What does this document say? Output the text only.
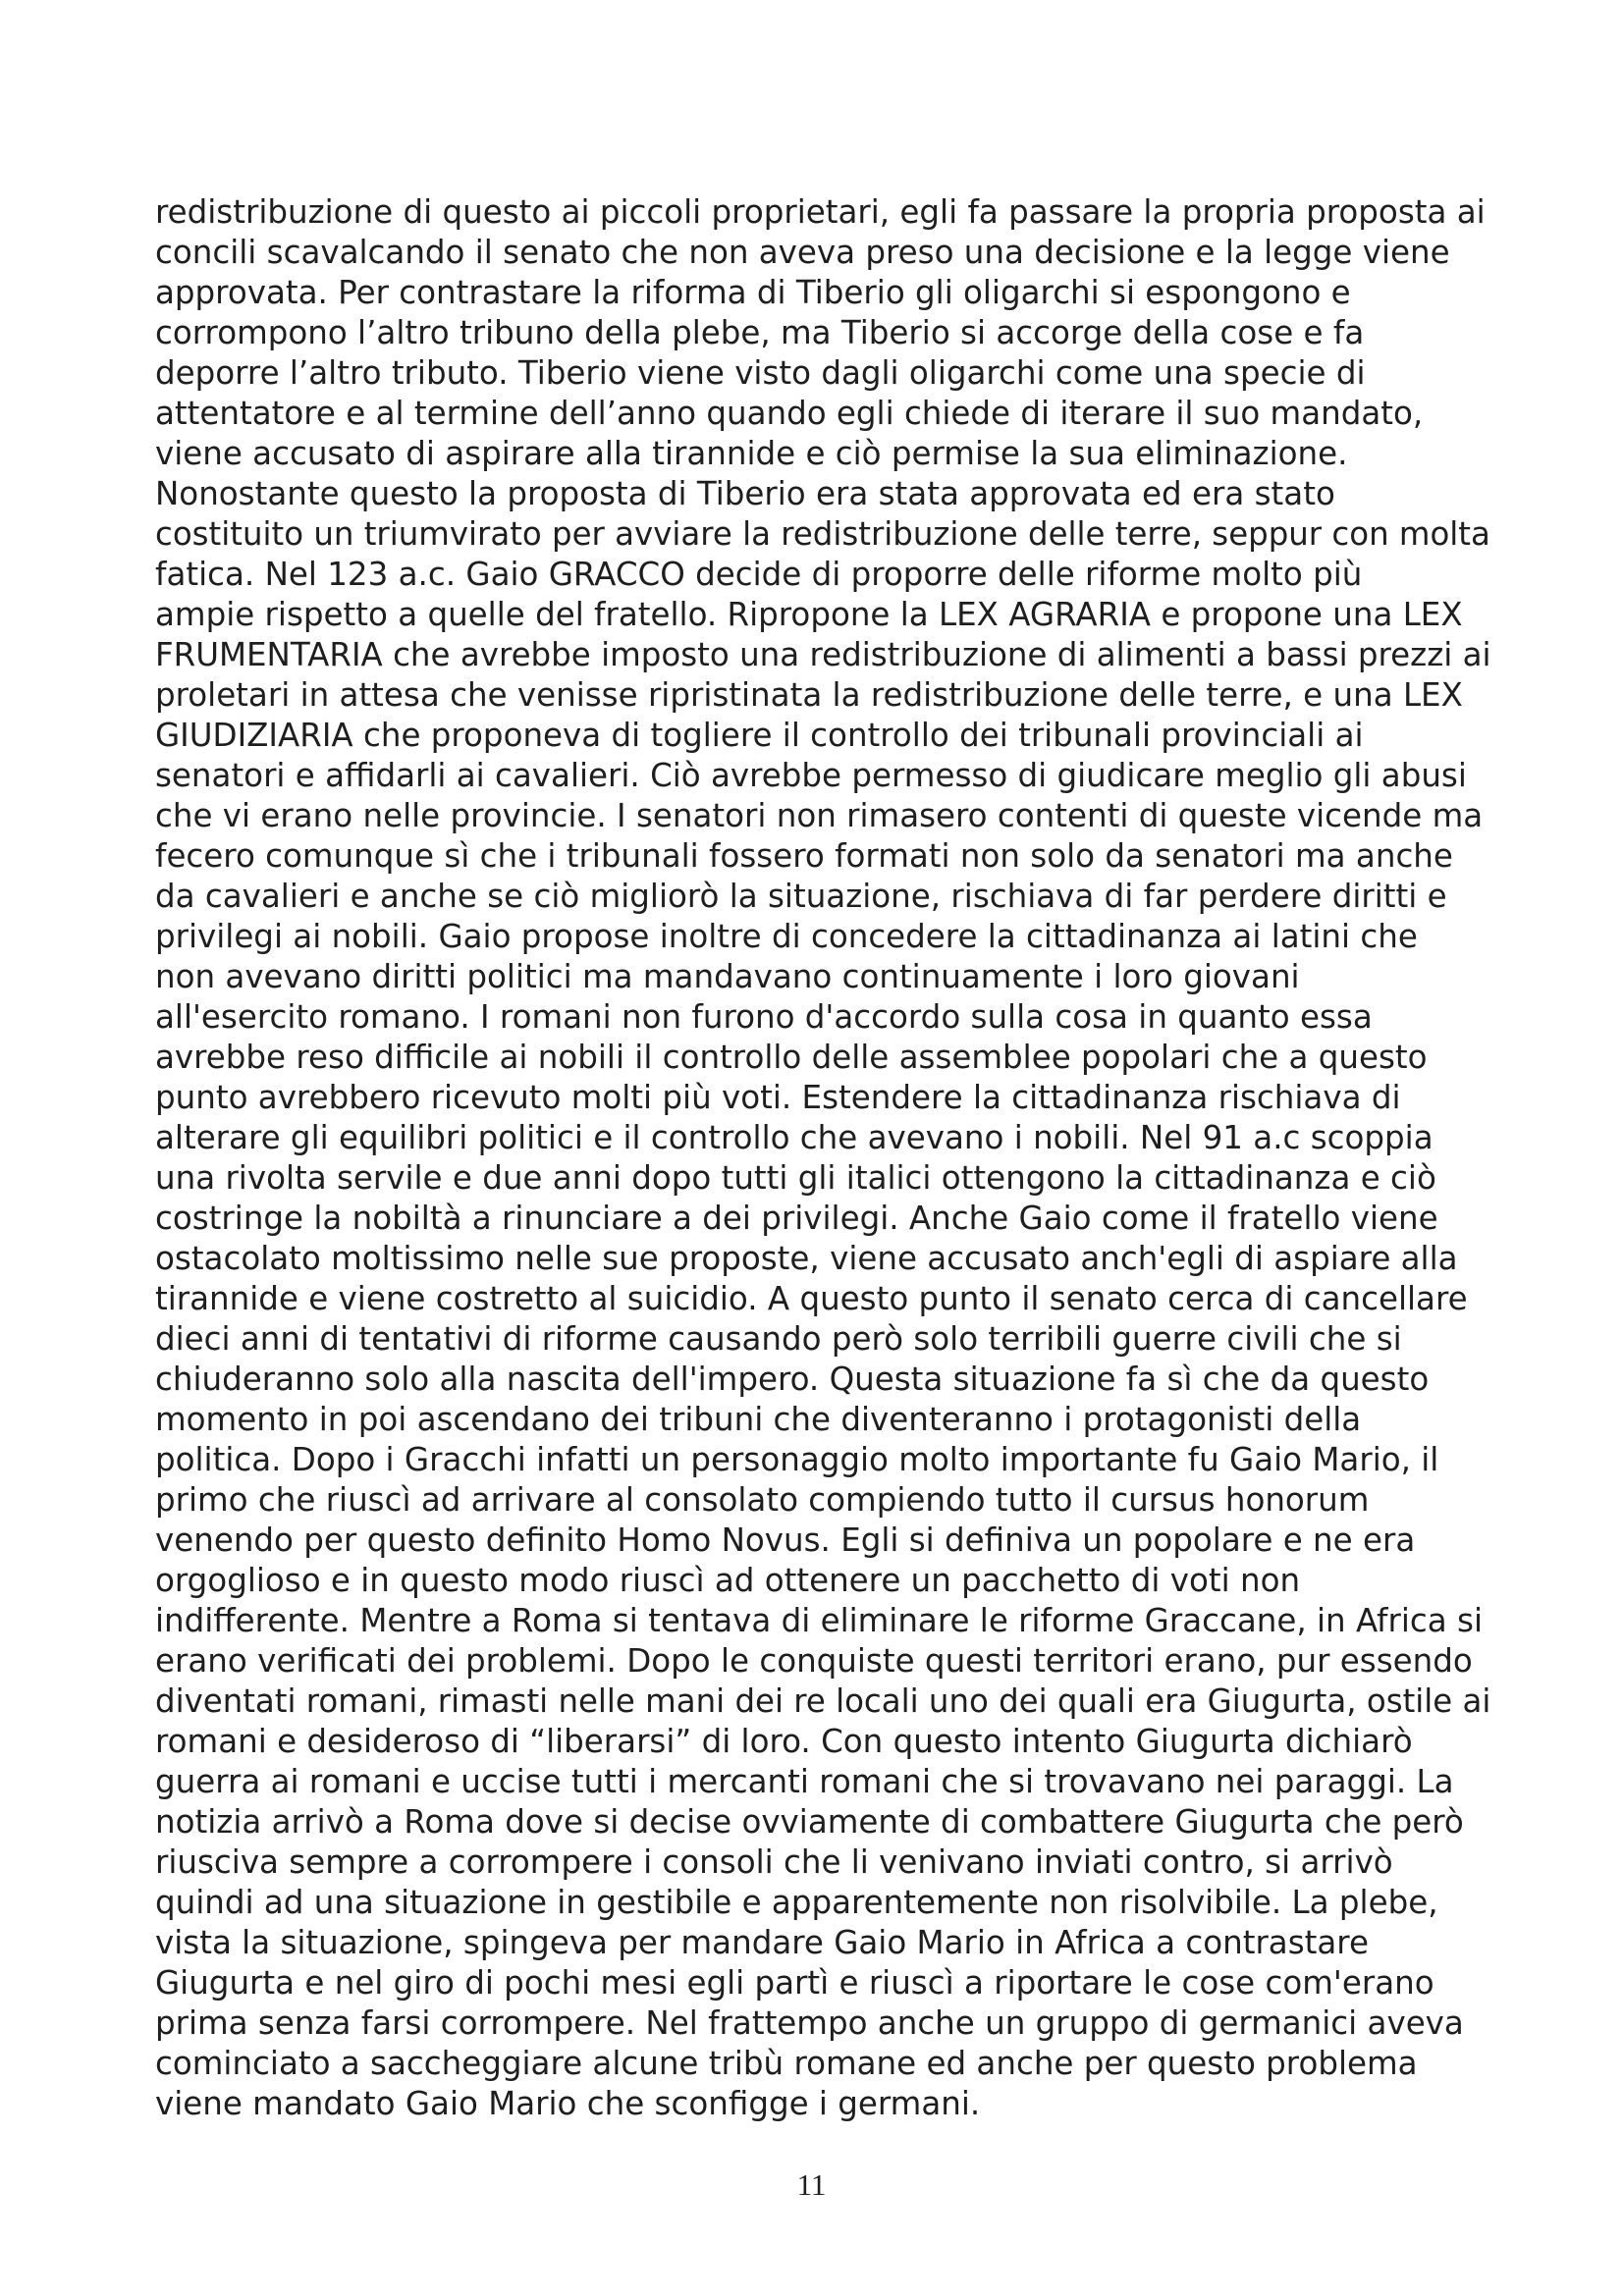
redistribuzione di questo ai piccoli proprietari, egli fa passare la propria proposta ai
concili scavalcando il senato che non aveva preso una decisione e la legge viene
approvata. Per contrastare la riforma di Tiberio gli oligarchi si espongono e
corrompono l’altro tribuno della plebe, ma Tiberio si accorge della cose e fa
deporre l’altro tributo. Tiberio viene visto dagli oligarchi come una specie di
attentatore e al termine dell’anno quando egli chiede di iterare il suo mandato,
viene accusato di aspirare alla tirannide e ciò permise la sua eliminazione.
Nonostante questo la proposta di Tiberio era stata approvata ed era stato
costituito un triumvirato per avviare la redistribuzione delle terre, seppur con molta
fatica. Nel 123 a.c. Gaio GRACCO decide di proporre delle riforme molto più
ampie rispetto a quelle del fratello. Ripropone la LEX AGRARIA e propone una LEX
FRUMENTARIA che avrebbe imposto una redistribuzione di alimenti a bassi prezzi ai
proletari in attesa che venisse ripristinata la redistribuzione delle terre, e una LEX
GIUDIZIARIA che proponeva di togliere il controllo dei tribunali provinciali ai
senatori e affidarli ai cavalieri. Ciò avrebbe permesso di giudicare meglio gli abusi
che vi erano nelle provincie. I senatori non rimasero contenti di queste vicende ma
fecero comunque sì che i tribunali fossero formati non solo da senatori ma anche
da cavalieri e anche se ciò migliorò la situazione, rischiava di far perdere diritti e
privilegi ai nobili. Gaio propose inoltre di concedere la cittadinanza ai latini che
non avevano diritti politici ma mandavano continuamente i loro giovani
all'esercito romano. I romani non furono d'accordo sulla cosa in quanto essa
avrebbe reso difficile ai nobili il controllo delle assemblee popolari che a questo
punto avrebbero ricevuto molti più voti. Estendere la cittadinanza rischiava di
alterare gli equilibri politici e il controllo che avevano i nobili. Nel 91 a.c scoppia
una rivolta servile e due anni dopo tutti gli italici ottengono la cittadinanza e ciò
costringe la nobiltà a rinunciare a dei privilegi. Anche Gaio come il fratello viene
ostacolato moltissimo nelle sue proposte, viene accusato anch'egli di aspiare alla
tirannide e viene costretto al suicidio. A questo punto il senato cerca di cancellare
dieci anni di tentativi di riforme causando però solo terribili guerre civili che si
chiuderanno solo alla nascita dell'impero. Questa situazione fa sì che da questo
momento in poi ascendano dei tribuni che diventeranno i protagonisti della
politica. Dopo i Gracchi infatti un personaggio molto importante fu Gaio Mario, il
primo che riuscì ad arrivare al consolato compiendo tutto il cursus honorum
venendo per questo definito Homo Novus. Egli si definiva un popolare e ne era
orgoglioso e in questo modo riuscì ad ottenere un pacchetto di voti non
indifferente. Mentre a Roma si tentava di eliminare le riforme Graccane, in Africa si
erano verificati dei problemi. Dopo le conquiste questi territori erano, pur essendo
diventati romani, rimasti nelle mani dei re locali uno dei quali era Giugurta, ostile ai
romani e desideroso di “liberarsi” di loro. Con questo intento Giugurta dichiarò
guerra ai romani e uccise tutti i mercanti romani che si trovavano nei paraggi. La
notizia arrivò a Roma dove si decise ovviamente di combattere Giugurta che però
riusciva sempre a corrompere i consoli che li venivano inviati contro, si arrivò
quindi ad una situazione in gestibile e apparentemente non risolvibile. La plebe,
vista la situazione, spingeva per mandare Gaio Mario in Africa a contrastare
Giugurta e nel giro di pochi mesi egli partì e riuscì a riportare le cose com'erano
prima senza farsi corrompere. Nel frattempo anche un gruppo di germanici aveva
cominciato a saccheggiare alcune tribù romane ed anche per questo problema
viene mandato Gaio Mario che sconfigge i germani.
11
